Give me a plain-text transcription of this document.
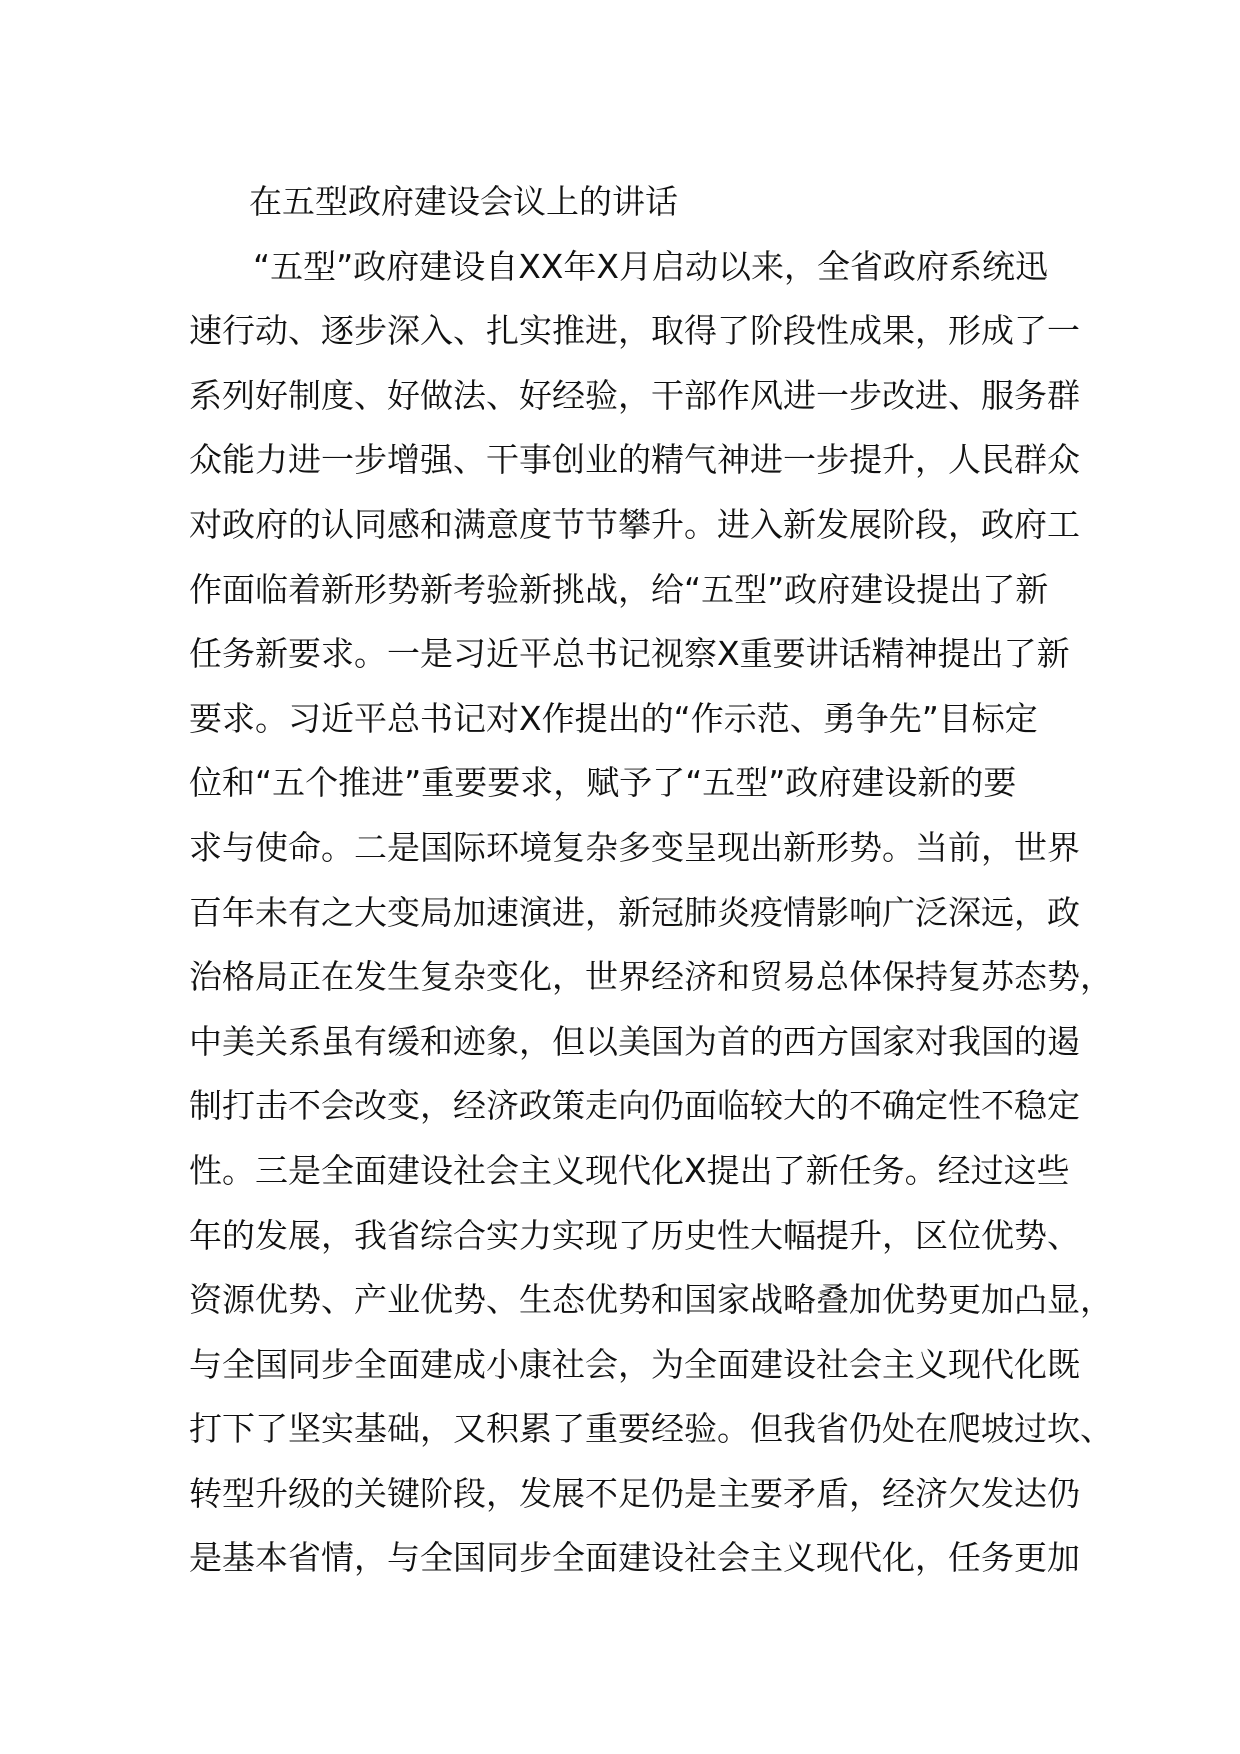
在五型政府建设会议上的讲话
“五型”政府建设自XX年X月启动以来，全省政府系统迅
速行动、逐步深入、扎实推进，取得了阶段性成果，形成了一
系列好制度、好做法、好经验，干部作风进一步改进、服务群
众能力进一步增强、干事创业的精气神进一步提升，人民群众
对政府的认同感和满意度节节攀升。进入新发展阶段，政府工
作面临着新形势新考验新挑战，给“五型”政府建设提出了新
任务新要求。一是习近平总书记视察X重要讲话精神提出了新
要求。习近平总书记对X作提出的“作示范、勇争先”目标定
位和“五个推进”重要要求，赋予了“五型”政府建设新的要
求与使命。二是国际环境复杂多变呈现出新形势。当前，世界
百年未有之大变局加速演进，新冠肺炎疫情影响广泛深远，政
治格局正在发生复杂变化，世界经济和贸易总体保持复苏态势，
中美关系虽有缓和迹象，但以美国为首的西方国家对我国的遏
制打击不会改变，经济政策走向仍面临较大的不确定性不稳定
性。三是全面建设社会主义现代化X提出了新任务。经过这些
年的发展，我省综合实力实现了历史性大幅提升，区位优势、
资源优势、产业优势、生态优势和国家战略叠加优势更加凸显，
与全国同步全面建成小康社会，为全面建设社会主义现代化既
打下了坚实基础，又积累了重要经验。但我省仍处在爬坡过坎、
转型升级的关键阶段，发展不足仍是主要矛盾，经济欠发达仍
是基本省情，与全国同步全面建设社会主义现代化，任务更加
